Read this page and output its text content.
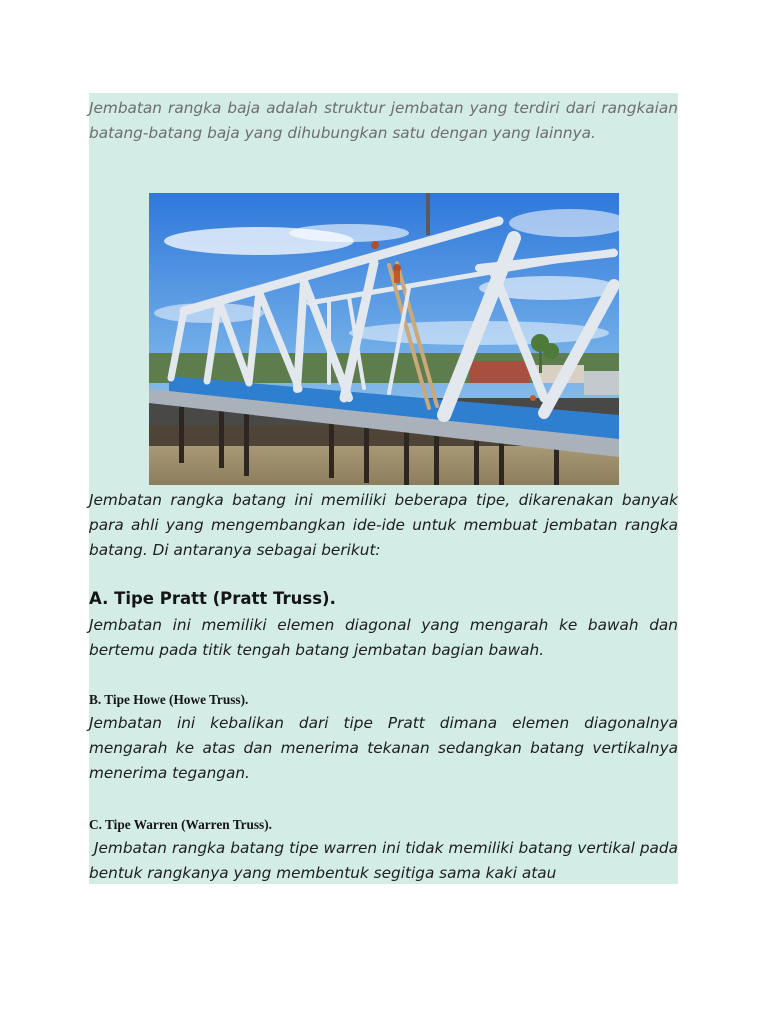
Jembatan rangka baja adalah struktur jembatan yang terdiri dari rangkaian batang-batang baja yang dihubungkan satu dengan yang lainnya.

Jembatan rangka batang ini memiliki beberapa tipe, dikarenakan banyak para ahli yang mengembangkan ide-ide untuk membuat jembatan rangka batang. Di antaranya sebagai berikut:

A. Tipe Pratt (Pratt Truss).

Jembatan ini memiliki elemen diagonal yang mengarah ke bawah dan bertemu pada titik tengah batang jembatan bagian bawah.

B. Tipe Howe (Howe Truss).

Jembatan ini kebalikan dari tipe Pratt dimana elemen diagonalnya mengarah ke atas dan menerima tekanan sedangkan batang vertikalnya menerima tegangan.

C. Tipe Warren (Warren Truss).

Jembatan rangka batang tipe warren ini tidak memiliki batang vertikal pada bentuk rangkanya yang membentuk segitiga sama kaki atau
